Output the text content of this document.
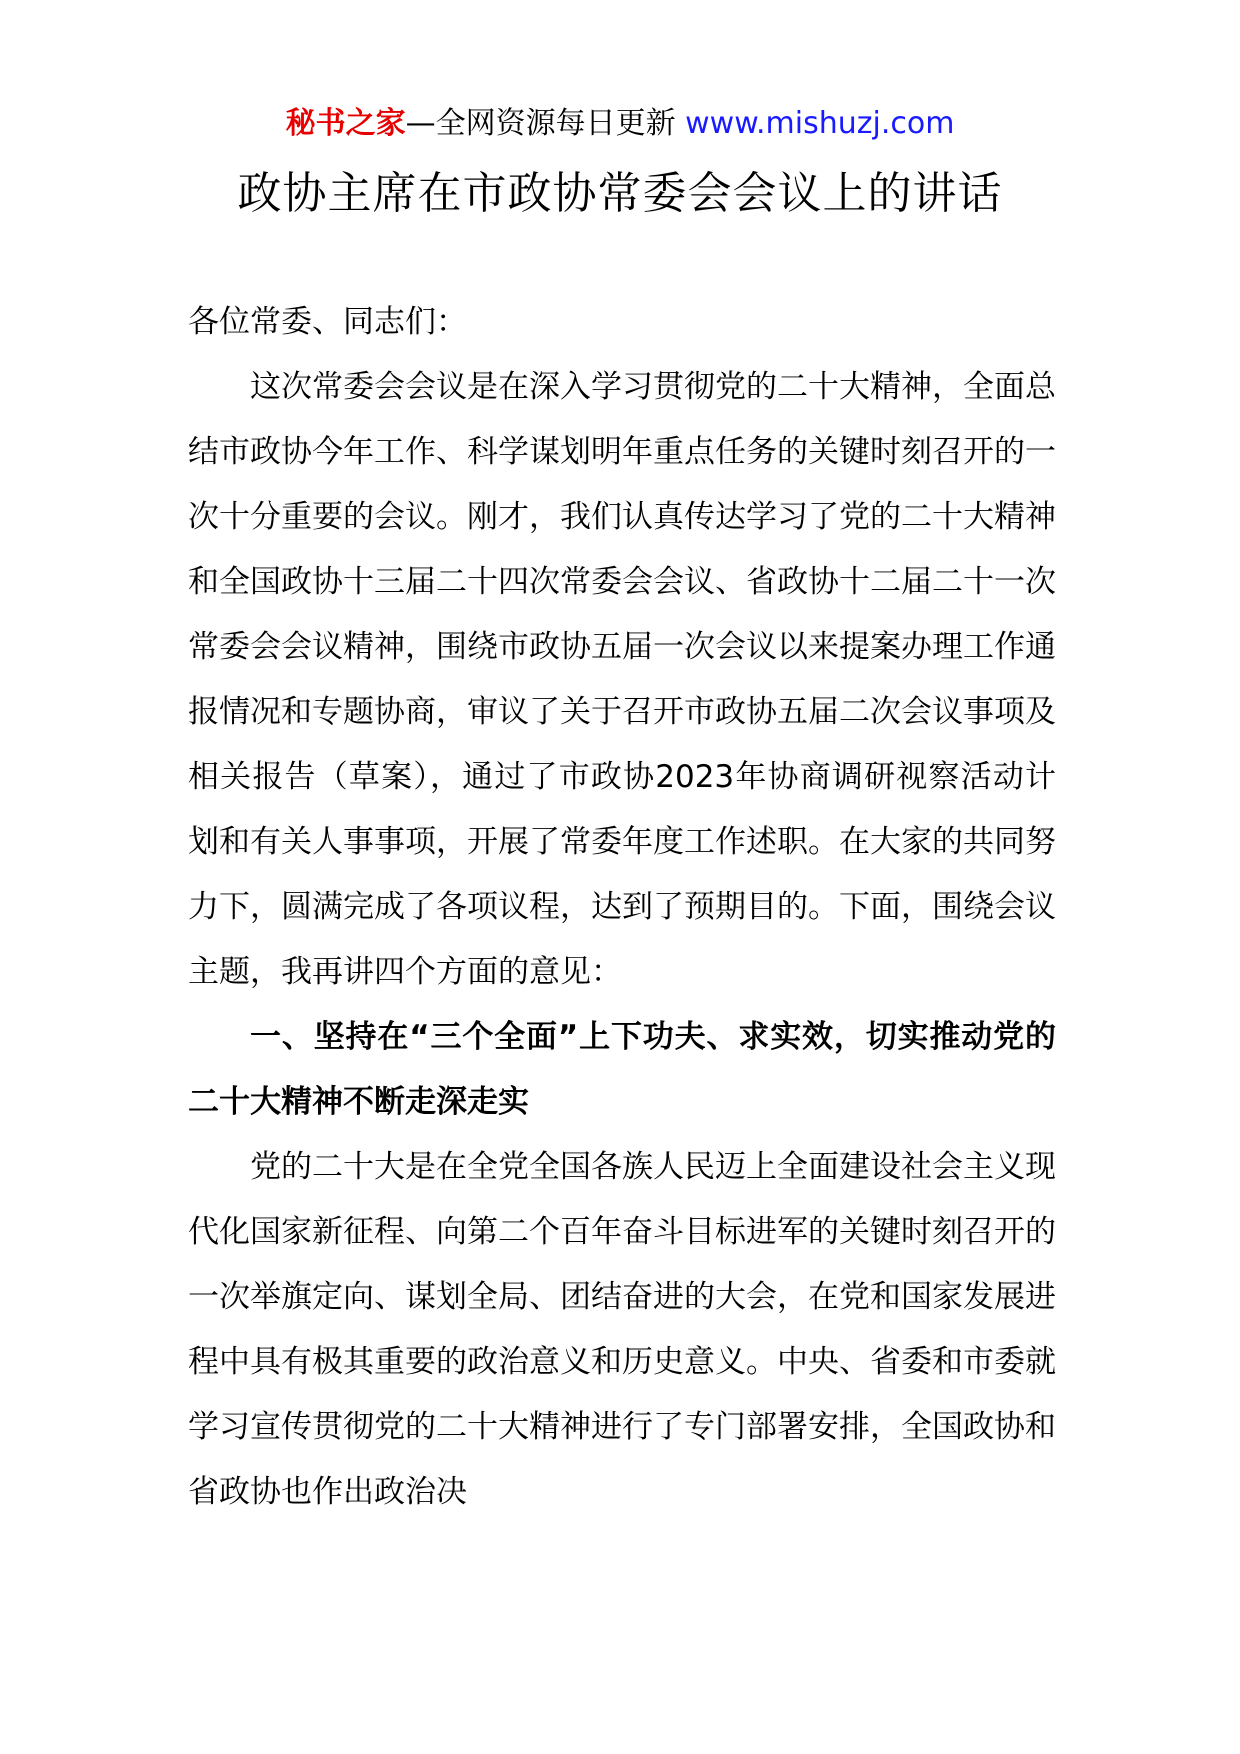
秘书之家—全网资源每日更新 www.mishuzj.com
政协主席在市政协常委会会议上的讲话

各位常委、同志们：

这次常委会会议是在深入学习贯彻党的二十大精神，全面总结市政协今年工作、科学谋划明年重点任务的关键时刻召开的一次十分重要的会议。刚才，我们认真传达学习了党的二十大精神和全国政协十三届二十四次常委会会议、省政协十二届二十一次常委会会议精神，围绕市政协五届一次会议以来提案办理工作通报情况和专题协商，审议了关于召开市政协五届二次会议事项及相关报告（草案），通过了市政协2023年协商调研视察活动计划和有关人事事项，开展了常委年度工作述职。在大家的共同努力下，圆满完成了各项议程，达到了预期目的。下面，围绕会议主题，我再讲四个方面的意见：

一、坚持在“三个全面”上下功夫、求实效，切实推动党的二十大精神不断走深走实

党的二十大是在全党全国各族人民迈上全面建设社会主义现代化国家新征程、向第二个百年奋斗目标进军的关键时刻召开的一次举旗定向、谋划全局、团结奋进的大会，在党和国家发展进程中具有极其重要的政治意义和历史意义。中央、省委和市委就学习宣传贯彻党的二十大精神进行了专门部署安排，全国政协和省政协也作出政治决
